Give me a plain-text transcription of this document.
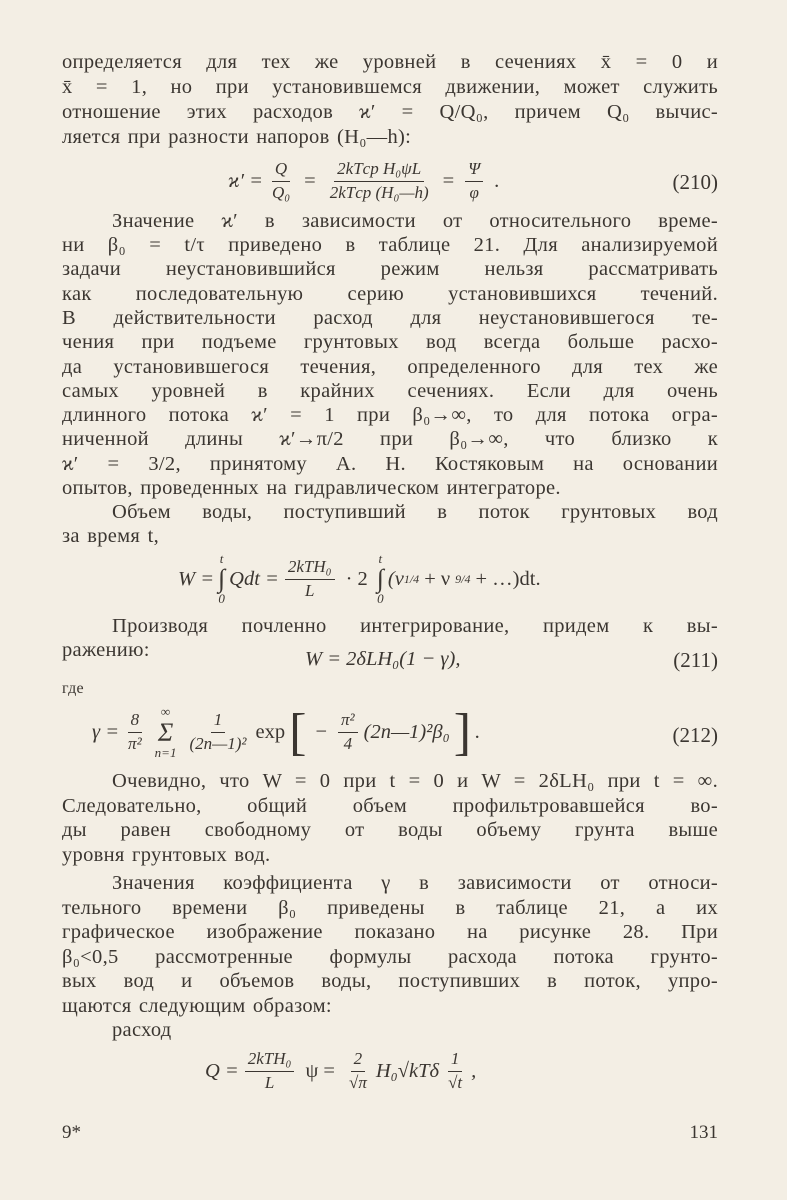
определяется для тех же уровней в сечениях x̄ = 0 и
x̄ = 1, но при установившемся движении, может служить
отношение этих расходов ϰ′ = Q/Q₀, причем Q₀ вычис-
ляется при разности напоров (H₀—h):
$ϰ' = \frac{Q}{\text{Q₀}}$ =
2kTср H₀ψL
2kTср (H₀—h)
= $\frac{\Psi}{\varphi}$ .	(210)
Значение ϰ′ в зависимости от относительного време-
ни β₀ = t/τ приведено в таблице 21. Для анализируемой
задачи неустановившийся режим нельзя рассматривать
как последовательную серию установившихся течений.
В действительности расход для неустановившегося те-
чения при подъеме грунтовых вод всегда больше расхо-
да установившегося течения, определенного для тех же
самых уровней в крайних сечениях. Если для очень
длинного потока ϰ′ = 1 при β₀→∞, то для потока огра-
ниченной длины ϰ′→π/2 при β₀→∞, что близко к
ϰ′ = 3/2, принятому А. Н. Костяковым на основании
опытов, проведенных на гидравлическом интеграторе.
Объем воды, поступивший в поток грунтовых вод
за время t,
W =
t
∫
0
Qdt =
2kTH₀
L
· 2
t
∫
0
(ν 1/4 + ν 9/4 + …)dt.
Производя почленно интегрирование, придем к вы-
ражению:	W = 2δLH₀(1 − γ),	(211)
где
$\gamma = \frac{8}{\text{π²}}$ ∞
Σ
n=1
1
(2n—1)²
exp [ − $\frac{\text{π²}}{4}$ (2n—1)²β₀ ] .	(212)
Очевидно, что W = 0 при t = 0 и W = 2δLH₀ при t = ∞.
Следовательно, общий объем профильтровавшейся во-
ды равен свободному от воды объему грунта выше
уровня грунтовых вод.
Значения коэффициента γ в зависимости от относи-
тельного времени β₀ приведены в таблице 21, а их
графическое изображение показано на рисунке 28. При
β₀<0,5 рассмотренные формулы расхода потока грунто-
вых вод и объемов воды, поступивших в поток, упро-
щаются следующим образом:
расход
Q =
2kTH₀
L
$\psi = \frac{2}{√\pi} H_0√kT\delta$
1
√t
,
9*	131
